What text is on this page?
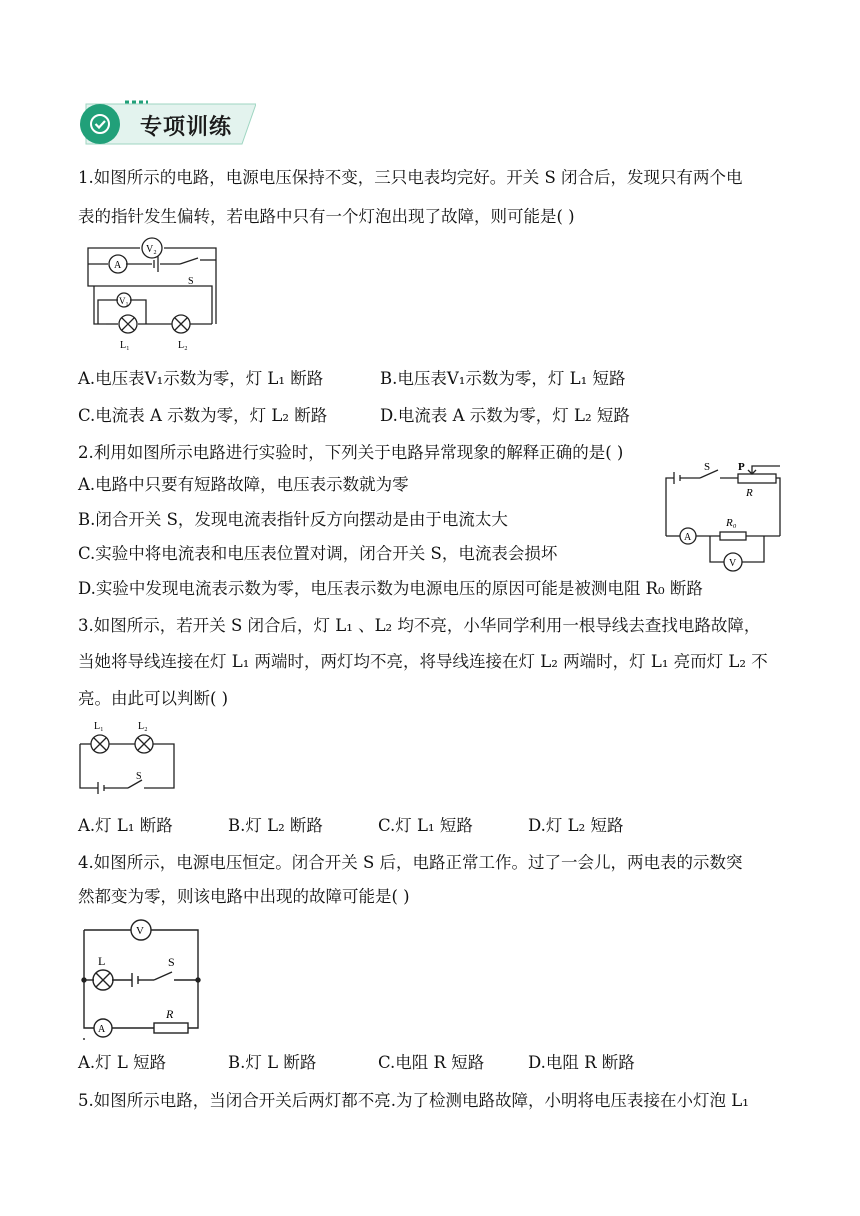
专项训练
1.如图所示的电路，电源电压保持不变，三只电表均完好。开关 S 闭合后，发现只有两个电
表的指针发生偏转，若电路中只有一个灯泡出现了故障，则可能是( )
V₂
A
S
V₁
L₁	L₂
A.电压表V₁示数为零，灯 L₁ 断路	B.电压表V₁示数为零，灯 L₁ 短路
C.电流表 A 示数为零，灯 L₂ 断路	D.电流表 A 示数为零，灯 L₂ 短路
2.利用如图所示电路进行实验时，下列关于电路异常现象的解释正确的是( )
A.电路中只要有短路故障，电压表示数就为零
B.闭合开关 S，发现电流表指针反方向摆动是由于电流太大
C.实验中将电流表和电压表位置对调，闭合开关 S，电流表会损坏
D.实验中发现电流表示数为零，电压表示数为电源电压的原因可能是被测电阻 R₀ 断路
S	P
R
A
R₀
V
3.如图所示，若开关 S 闭合后，灯 L₁ 、L₂ 均不亮，小华同学利用一根导线去查找电路故障，
当她将导线连接在灯 L₁ 两端时，两灯均不亮，将导线连接在灯 L₂ 两端时，灯 L₁ 亮而灯 L₂ 不
亮。由此可以判断( )
L₁	L₂
S
A.灯 L₁ 断路	B.灯 L₂ 断路	C.灯 L₁ 短路	D.灯 L₂ 短路
4.如图所示，电源电压恒定。闭合开关 S 后，电路正常工作。过了一会儿，两电表的示数突
然都变为零，则该电路中出现的故障可能是( )
V
L	S
A
R
A.灯 L 短路	B.灯 L 断路	C.电阻 R 短路	D.电阻 R 断路
5.如图所示电路，当闭合开关后两灯都不亮.为了检测电路故障，小明将电压表接在小灯泡 L₁
